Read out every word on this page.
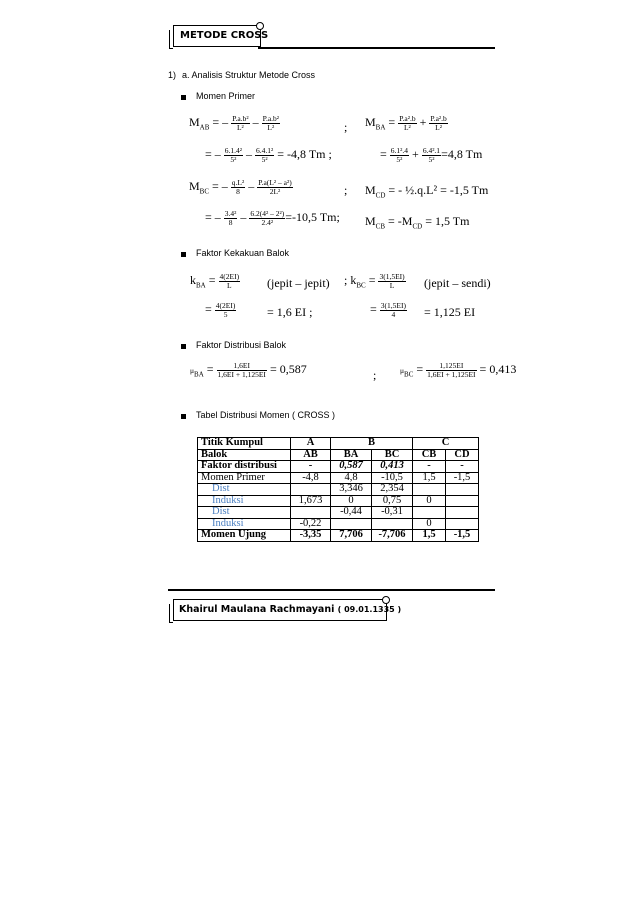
METODE CROSS
1) a. Analisis Struktur Metode Cross
Momen Primer
$M_{AB}$ = – $\frac{\text{P.a.b²}}{\text{L²}} - \frac{\text{P.a.b²}}{\text{L²}}$	; $M_{BA} = \frac{\text{P.a².b}}{\text{L²}} + \frac{\text{P.a².b}}{\text{L²}}$
= – $\frac{\text{6.1.4²}}{\text{5²}} - \frac{\text{6.4.1²}}{\text{5²}} = -4,8$ Tm ;	= $\frac{\text{6.1².4}}{\text{5²}} + \frac{\text{6.4².1}}{\text{5²}} =4,8$ Tm
$M_{BC}$ = – $\frac{\text{q.L²}}{8} - \frac{\text{P.a(L² – a²)}}{\text{2L²}}$	; $M_{CD}$ = - ½.q.L² = -1,5 Tm
= – $\frac{\text{3.4²}}{8} - \frac{\text{6.2(4² – 2²)}}{\text{2.4²}} =-10,5$ Tm; $M_{CB} = -M_{CD} = 1,5$ Tm
Faktor Kekakuan Balok
$k_{BA} = \frac{4(2EI)}{L}$ (jepit – jepit) ; $k_{BC} = \frac{3(1,5EI)}{L}$ (jepit – sendi)
= $\frac{4(2EI)}{5}$	= 1,6 EI ;	= $\frac{3(1,5EI)}{4} = 1,125$ EI
Faktor Distribusi Balok
$\mu_{BA} = \frac{1,6EI}{1,6EI + 1,125EI} = 0,587$	;	$\mu_{BC} = \frac{1,125EI}{1,6EI + 1,125EI} = 0,413$
Tabel Distribusi Momen ( CROSS )
Titik Kumpul	A	B		C	
Balok	AB	BA	BC	CB	CD
Faktor distribusi	-	0,587	0,413	-	-
Momen Primer	-4,8	4,8	-10,5	1,5	-1,5
Dist		3,346	2,354		
Induksi	1,673	0	0,75	0	
Dist		-0,44	-0,31		
Induksi	-0,22			0	
Momen Ujung	-3,35	7,706	-7,706	1,5	-1,5
Khairul Maulana Rachmayani ( 09.01.1335 )
